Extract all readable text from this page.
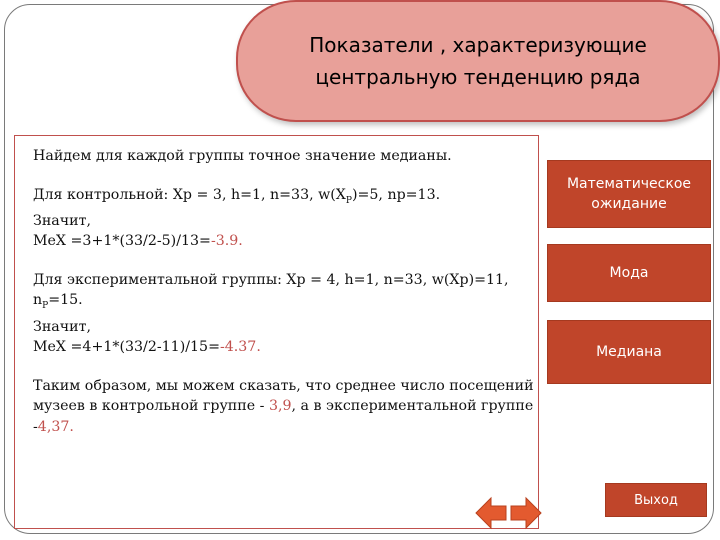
Показатели , характеризующие
центральную тенденцию ряда

Найдем для каждой группы точное значение медианы.

Для контрольной: Хр = 3, h=1, n=33, $w(Х_Р)=5$, nр=13.

Значит,

МеХ =3+1*(33/2-5)/13=-3.9.

Для экспериментальной группы: Хр = 4, h=1, n=33, w(Хр)=11,

$n_Р=15$.

Значит,

МеХ =4+1*(33/2-11)/15=-4.37.

Таким образом, мы можем сказать, что среднее число посещений музеев в контрольной группе - 3,9, а в экспериментальной группе -4,37.

Математическое
ожидание
Мода
Медиана
Выход
